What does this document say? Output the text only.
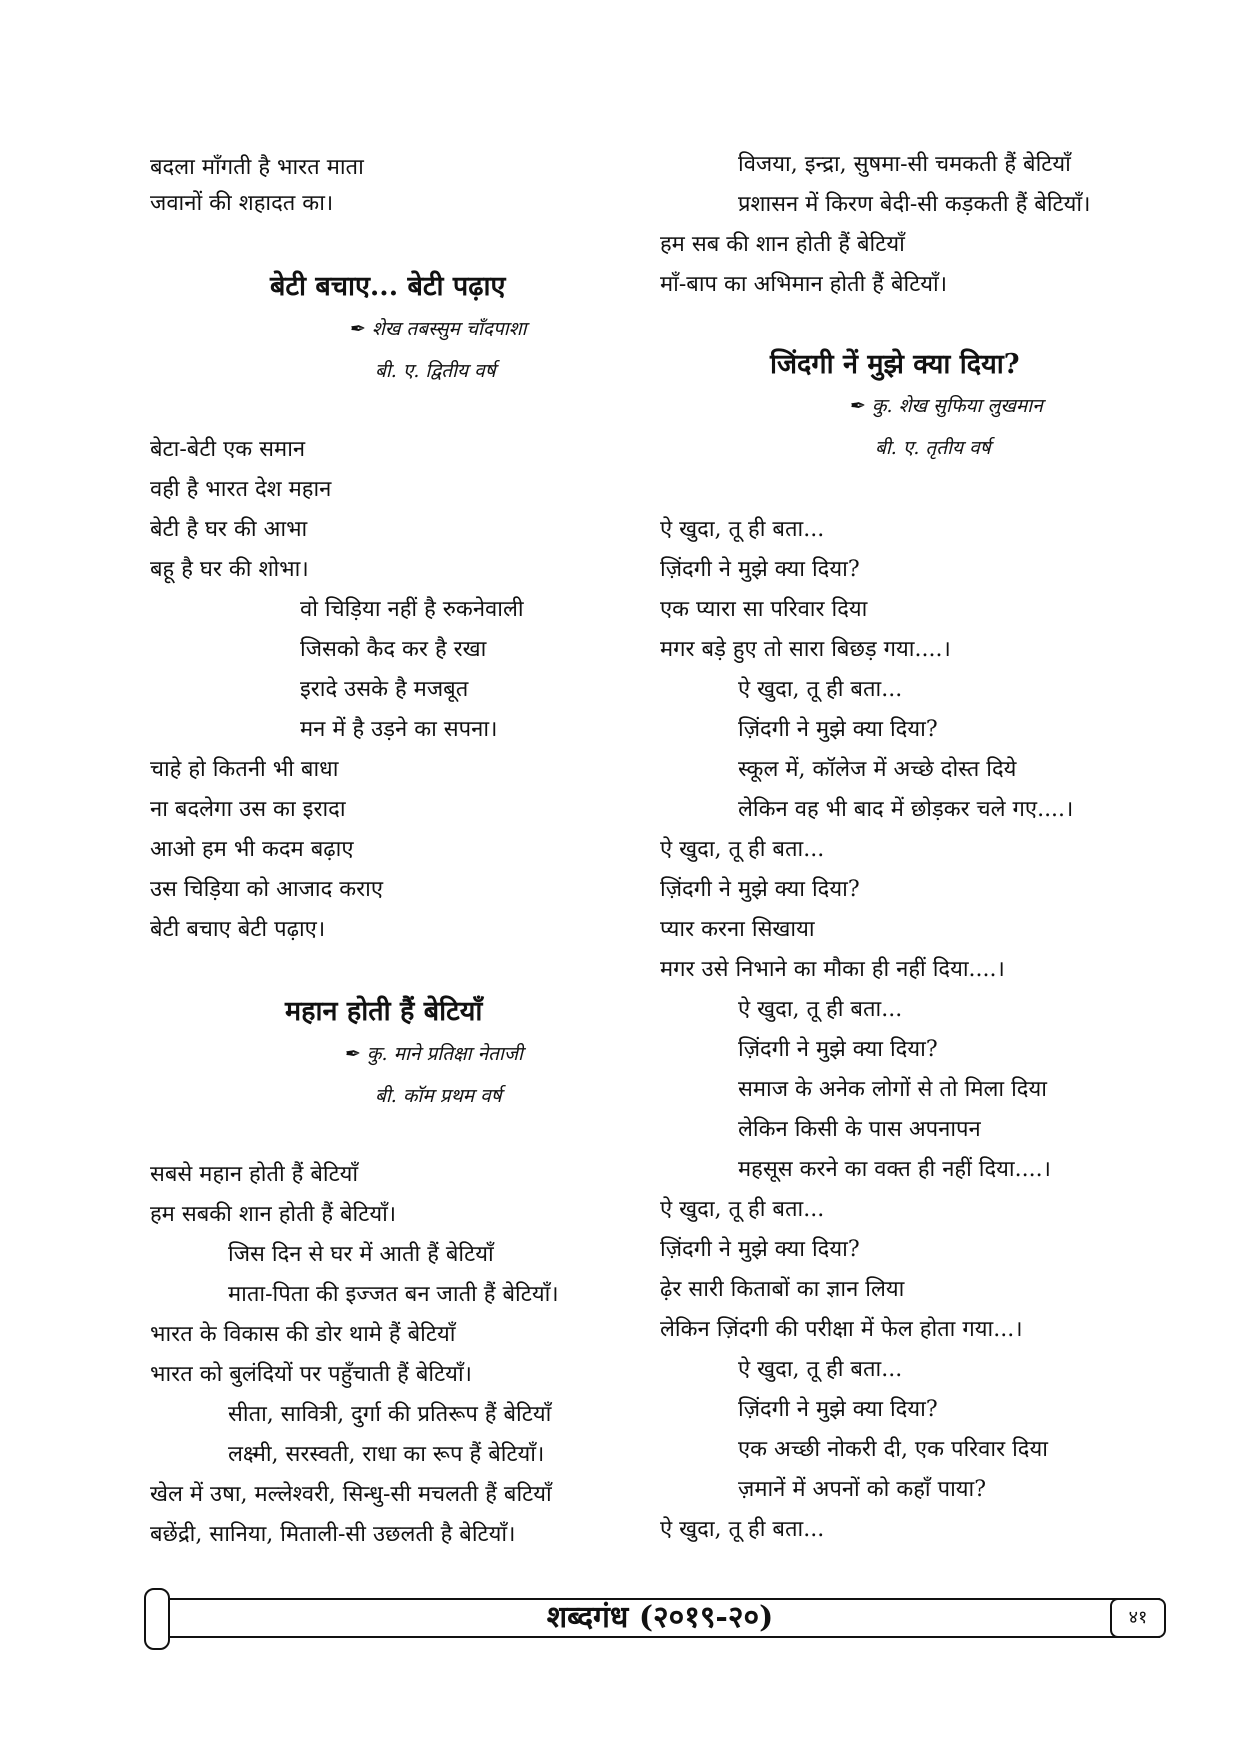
बदला माँगती है भारत माता
जवानों की शहादत का।
बेटी बचाए... बेटी पढ़ाए
✒ शेख तबस्सुम चाँदपाशा
बी. ए. द्वितीय वर्ष
बेटा-बेटी एक समान
वही है भारत देश महान
बेटी है घर की आभा
बहू है घर की शोभा।
वो चिड़िया नहीं है रुकनेवाली
जिसको कैद कर है रखा
इरादे उसके है मजबूत
मन में है उड़ने का सपना।
चाहे हो कितनी भी बाधा
ना बदलेगा उस का इरादा
आओ हम भी कदम बढ़ाए
उस चिड़िया को आजाद कराए
बेटी बचाए बेटी पढ़ाए।
महान होती हैं बेटियाँ
✒ कु. माने प्रतिक्षा नेताजी
बी. कॉम प्रथम वर्ष
सबसे महान होती हैं बेटियाँ
हम सबकी शान होती हैं बेटियाँ।
जिस दिन से घर में आती हैं बेटियाँ
माता-पिता की इज्जत बन जाती हैं बेटियाँ।
भारत के विकास की डोर थामे हैं बेटियाँ
भारत को बुलंदियों पर पहुँचाती हैं बेटियाँ।
सीता, सावित्री, दुर्गा की प्रतिरूप हैं बेटियाँ
लक्ष्मी, सरस्वती, राधा का रूप हैं बेटियाँ।
खेल में उषा, मल्लेश्वरी, सिन्धु-सी मचलती हैं बटियाँ
बछेंद्री, सानिया, मिताली-सी उछलती है बेटियाँ।
विजया, इन्द्रा, सुषमा-सी चमकती हैं बेटियाँ
प्रशासन में किरण बेदी-सी कड़कती हैं बेटियाँ।
हम सब की शान होती हैं बेटियाँ
माँ-बाप का अभिमान होती हैं बेटियाँ।
जिंदगी नें मुझे क्या दिया?
✒ कु. शेख सुफिया लुखमान
बी. ए. तृतीय वर्ष
ऐ खुदा, तू ही बता...
ज़िंदगी ने मुझे क्या दिया?
एक प्यारा सा परिवार दिया
मगर बड़े हुए तो सारा बिछड़ गया....।
ऐ खुदा, तू ही बता...
ज़िंदगी ने मुझे क्या दिया?
स्कूल में, कॉलेज में अच्छे दोस्त दिये
लेकिन वह भी बाद में छोड़कर चले गए....।
ऐ खुदा, तू ही बता...
ज़िंदगी ने मुझे क्या दिया?
प्यार करना सिखाया
मगर उसे निभाने का मौका ही नहीं दिया....।
ऐ खुदा, तू ही बता...
ज़िंदगी ने मुझे क्या दिया?
समाज के अनेक लोगों से तो मिला दिया
लेकिन किसी के पास अपनापन
महसूस करने का वक्त ही नहीं दिया....।
ऐ खुदा, तू ही बता...
ज़िंदगी ने मुझे क्या दिया?
ढ़ेर सारी किताबों का ज्ञान लिया
लेकिन ज़िंदगी की परीक्षा में फेल होता गया...।
ऐ खुदा, तू ही बता...
ज़िंदगी ने मुझे क्या दिया?
एक अच्छी नोकरी दी, एक परिवार दिया
ज़मानें में अपनों को कहाँ पाया?
ऐ खुदा, तू ही बता...
शब्दगंध (२०१९-२०)	४१
